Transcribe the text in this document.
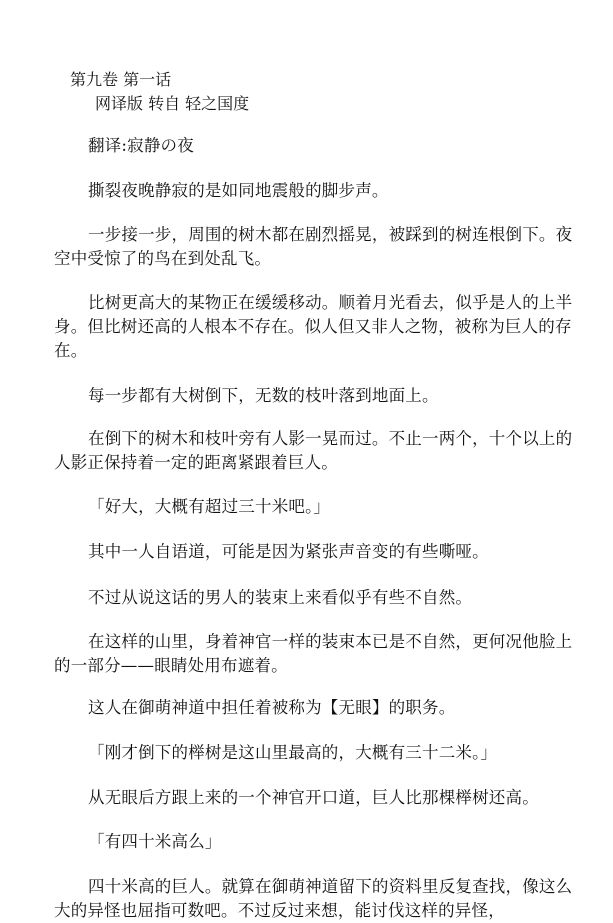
第九卷 第一话
网译版 转自 轻之国度

翻译:寂静の夜

撕裂夜晚静寂的是如同地震般的脚步声。

一步接一步，周围的树木都在剧烈摇晃，被踩到的树连根倒下。夜空中受惊了的鸟在到处乱飞。

比树更高大的某物正在缓缓移动。顺着月光看去，似乎是人的上半身。但比树还高的人根本不存在。似人但又非人之物，被称为巨人的存在。

每一步都有大树倒下，无数的枝叶落到地面上。

在倒下的树木和枝叶旁有人影一晃而过。不止一两个，十个以上的人影正保持着一定的距离紧跟着巨人。

「好大，大概有超过三十米吧。」

其中一人自语道，可能是因为紧张声音变的有些嘶哑。

不过从说这话的男人的装束上来看似乎有些不自然。

在这样的山里，身着神官一样的装束本已是不自然，更何况他脸上的一部分——眼睛处用布遮着。

这人在御萌神道中担任着被称为【无眼】的职务。

「刚才倒下的榉树是这山里最高的，大概有三十二米。」

从无眼后方跟上来的一个神官开口道，巨人比那棵榉树还高。

「有四十米高么」

四十米高的巨人。就算在御萌神道留下的资料里反复查找，像这么大的异怪也屈指可数吧。不过反过来想，能讨伐这样的异怪，
